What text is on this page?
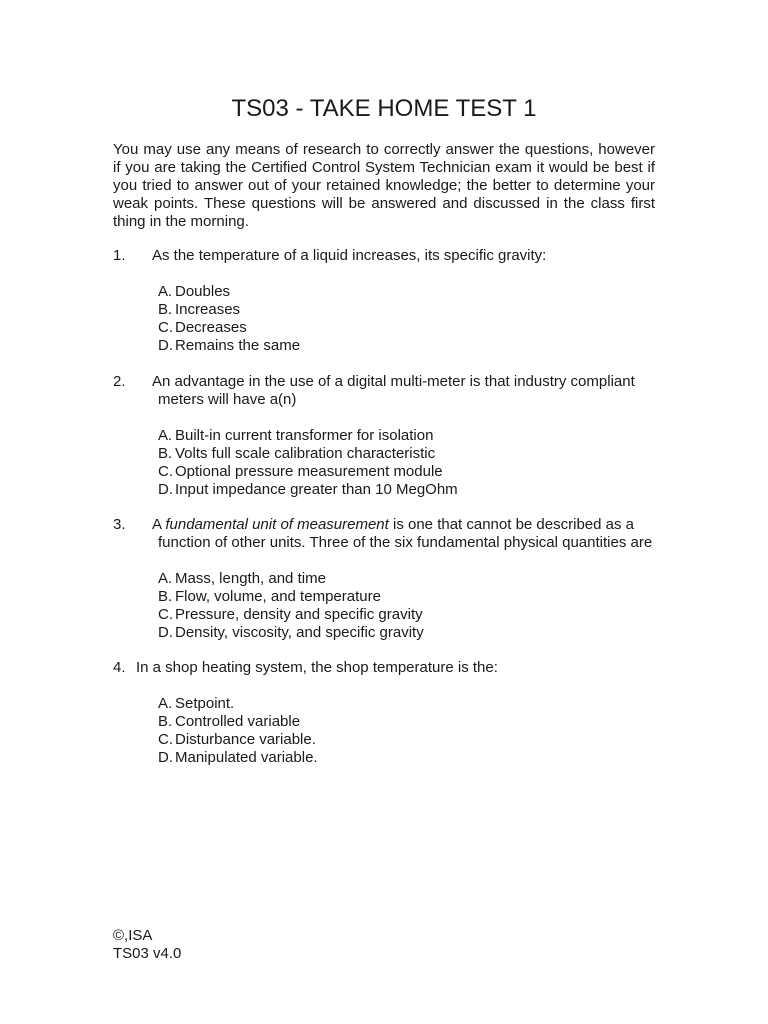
TS03 - TAKE HOME TEST 1

You may use any means of research to correctly answer the questions, however if you are taking the Certified Control System Technician exam it would be best if you tried to answer out of your retained knowledge; the better to determine your weak points. These questions will be answered and discussed in the class first thing in the morning.

1. As the temperature of a liquid increases, its specific gravity:
A. Doubles
B. Increases
C. Decreases
D. Remains the same
2. An advantage in the use of a digital multi-meter is that industry compliant
meters will have a(n)
A. Built-in current transformer for isolation
B. Volts full scale calibration characteristic
C. Optional pressure measurement module
D. Input impedance greater than 10 MegOhm
3. A fundamental unit of measurement is one that cannot be described as a
function of other units. Three of the six fundamental physical quantities are
A. Mass, length, and time
B. Flow, volume, and temperature
C. Pressure, density and specific gravity
D. Density, viscosity, and specific gravity
4. In a shop heating system, the shop temperature is the:
A. Setpoint.
B. Controlled variable
C. Disturbance variable.
D. Manipulated variable.
©,ISA
TS03 v4.0
